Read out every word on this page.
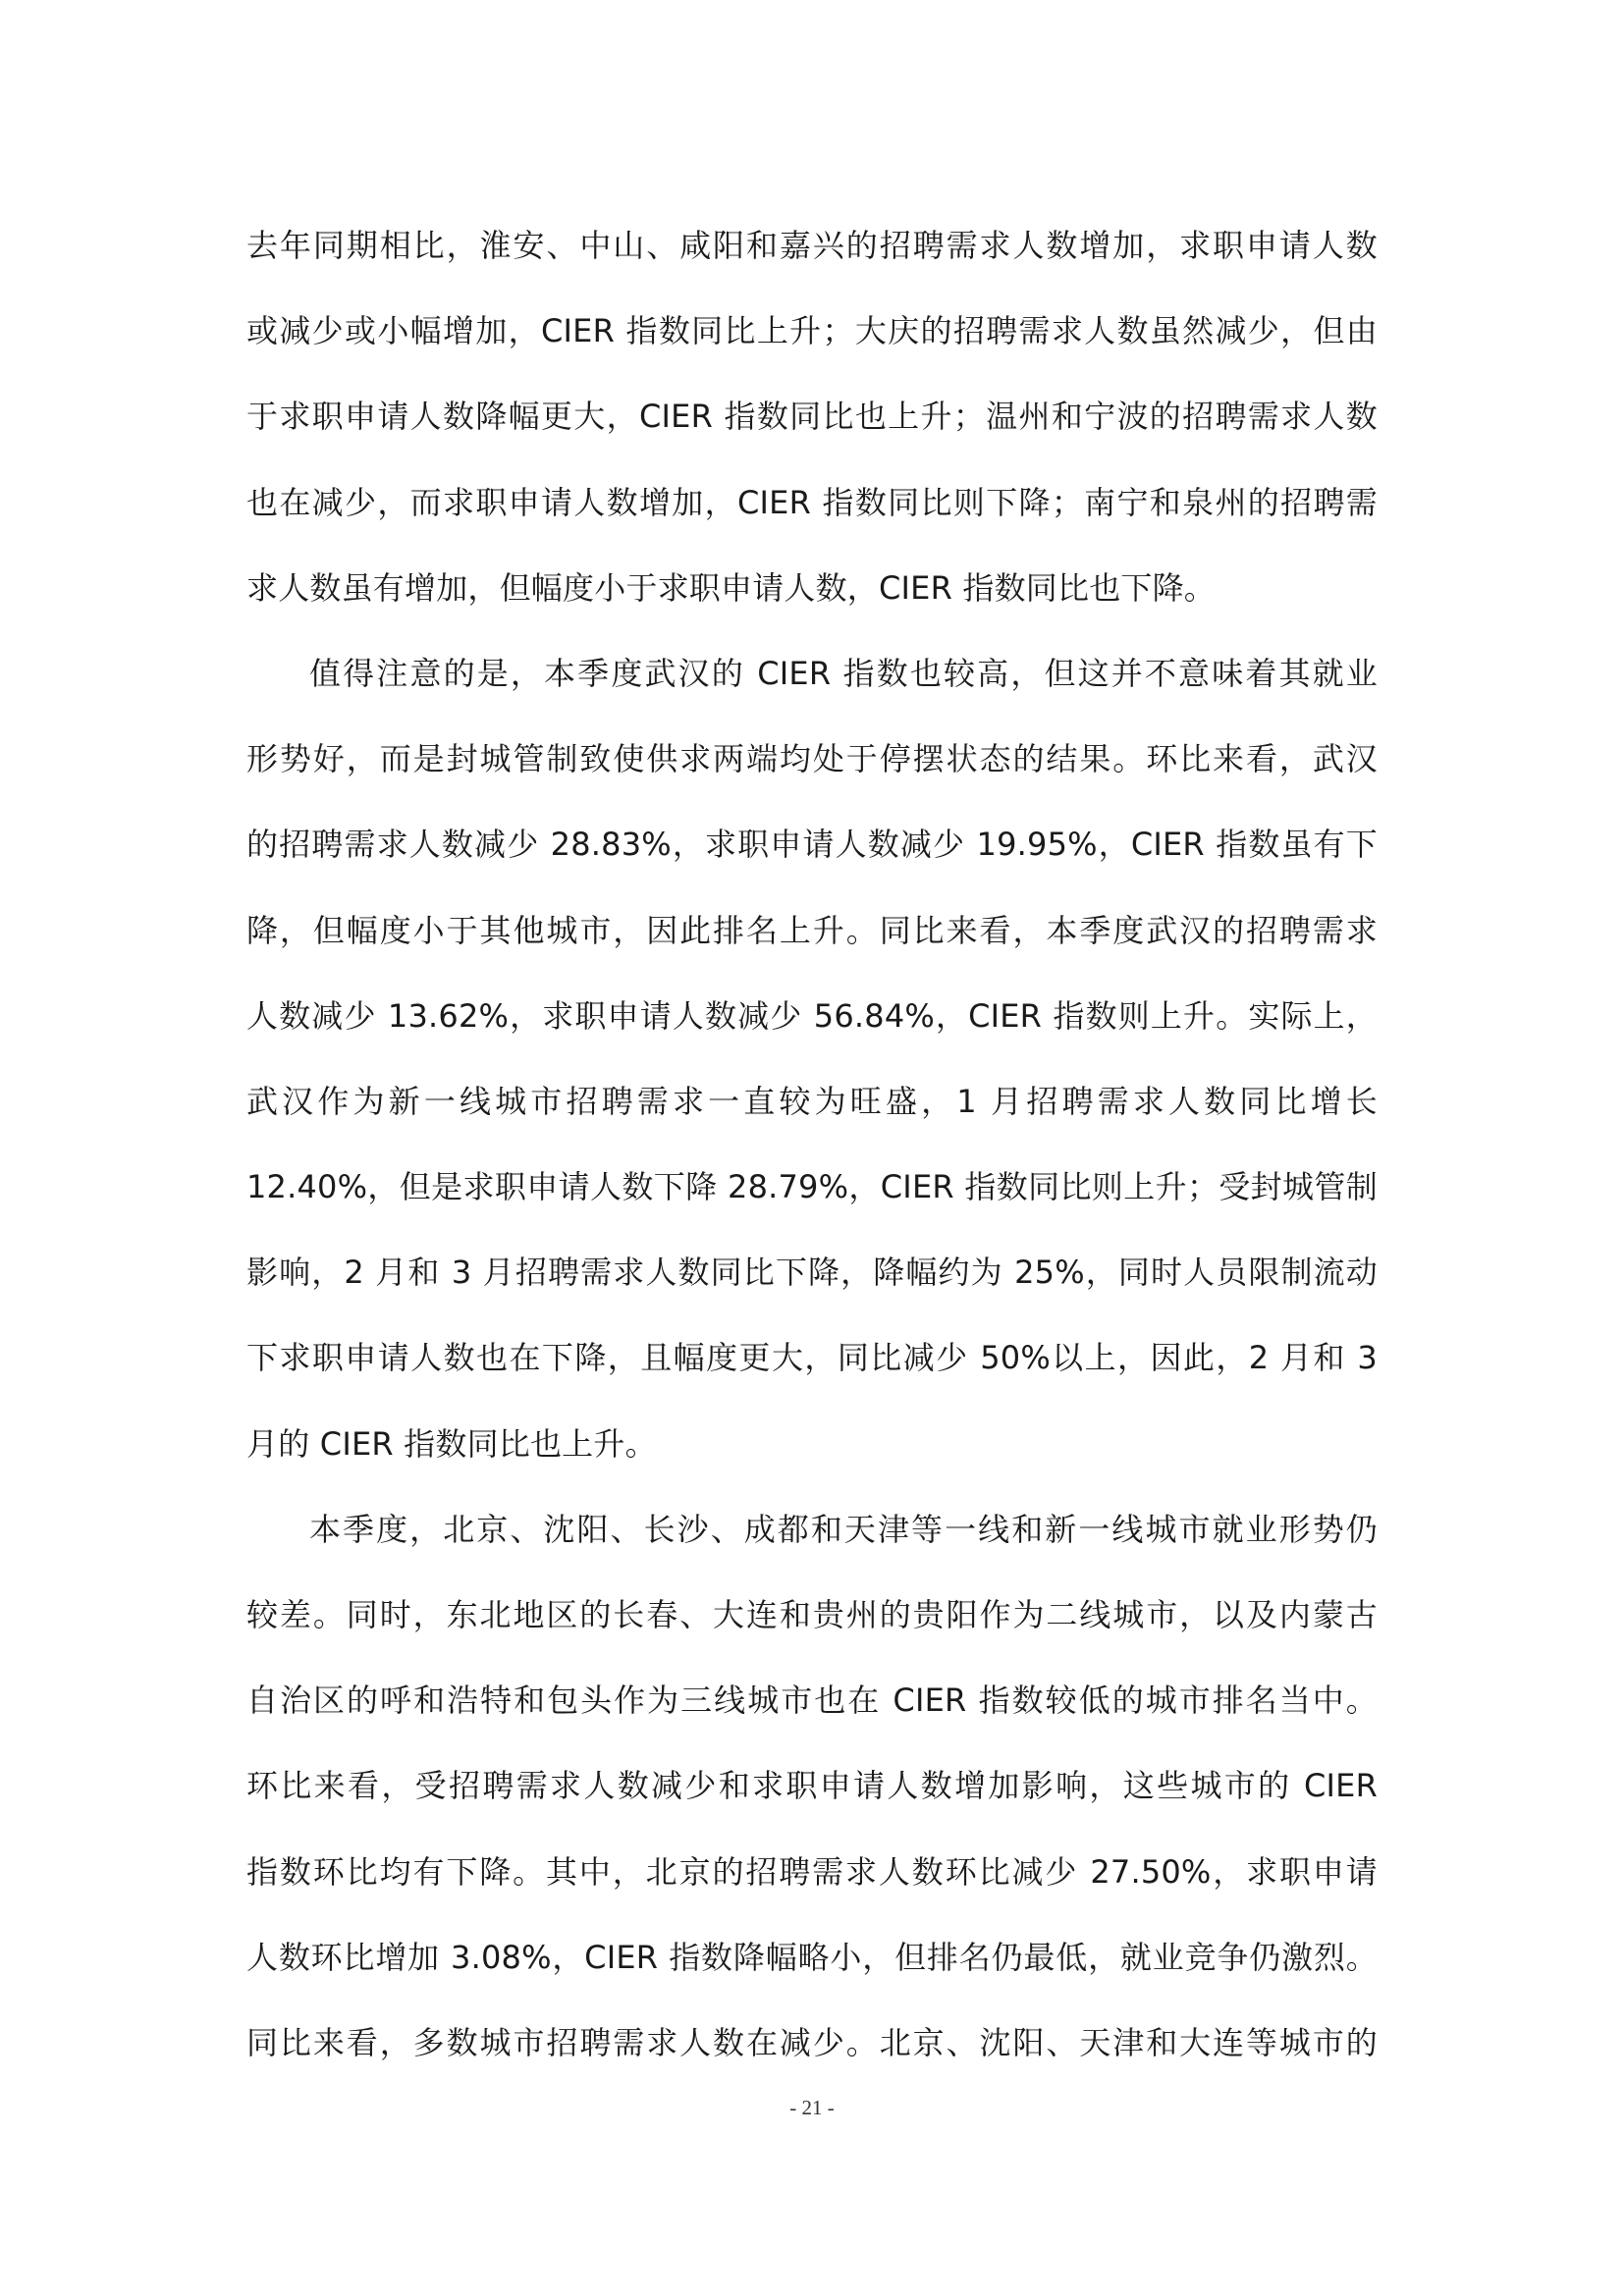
去年同期相比，淮安、中山、咸阳和嘉兴的招聘需求人数增加，求职申请人数
或减少或小幅增加，CIER 指数同比上升；大庆的招聘需求人数虽然减少，但由
于求职申请人数降幅更大，CIER 指数同比也上升；温州和宁波的招聘需求人数
也在减少，而求职申请人数增加，CIER 指数同比则下降；南宁和泉州的招聘需
求人数虽有增加，但幅度小于求职申请人数，CIER 指数同比也下降。
值得注意的是，本季度武汉的 CIER 指数也较高，但这并不意味着其就业
形势好，而是封城管制致使供求两端均处于停摆状态的结果。环比来看，武汉
的招聘需求人数减少 28.83%，求职申请人数减少 19.95%，CIER 指数虽有下
降，但幅度小于其他城市，因此排名上升。同比来看，本季度武汉的招聘需求
人数减少 13.62%，求职申请人数减少 56.84%，CIER 指数则上升。实际上，
武汉作为新一线城市招聘需求一直较为旺盛，1 月招聘需求人数同比增长
12.40%，但是求职申请人数下降 28.79%，CIER 指数同比则上升；受封城管制
影响，2 月和 3 月招聘需求人数同比下降，降幅约为 25%，同时人员限制流动
下求职申请人数也在下降，且幅度更大，同比减少 50%以上，因此，2 月和 3
月的 CIER 指数同比也上升。
本季度，北京、沈阳、长沙、成都和天津等一线和新一线城市就业形势仍
较差。同时，东北地区的长春、大连和贵州的贵阳作为二线城市，以及内蒙古
自治区的呼和浩特和包头作为三线城市也在 CIER 指数较低的城市排名当中。
环比来看，受招聘需求人数减少和求职申请人数增加影响，这些城市的 CIER
指数环比均有下降。其中，北京的招聘需求人数环比减少 27.50%，求职申请
人数环比增加 3.08%，CIER 指数降幅略小，但排名仍最低，就业竞争仍激烈。
同比来看，多数城市招聘需求人数在减少。北京、沈阳、天津和大连等城市的
- 21 -
